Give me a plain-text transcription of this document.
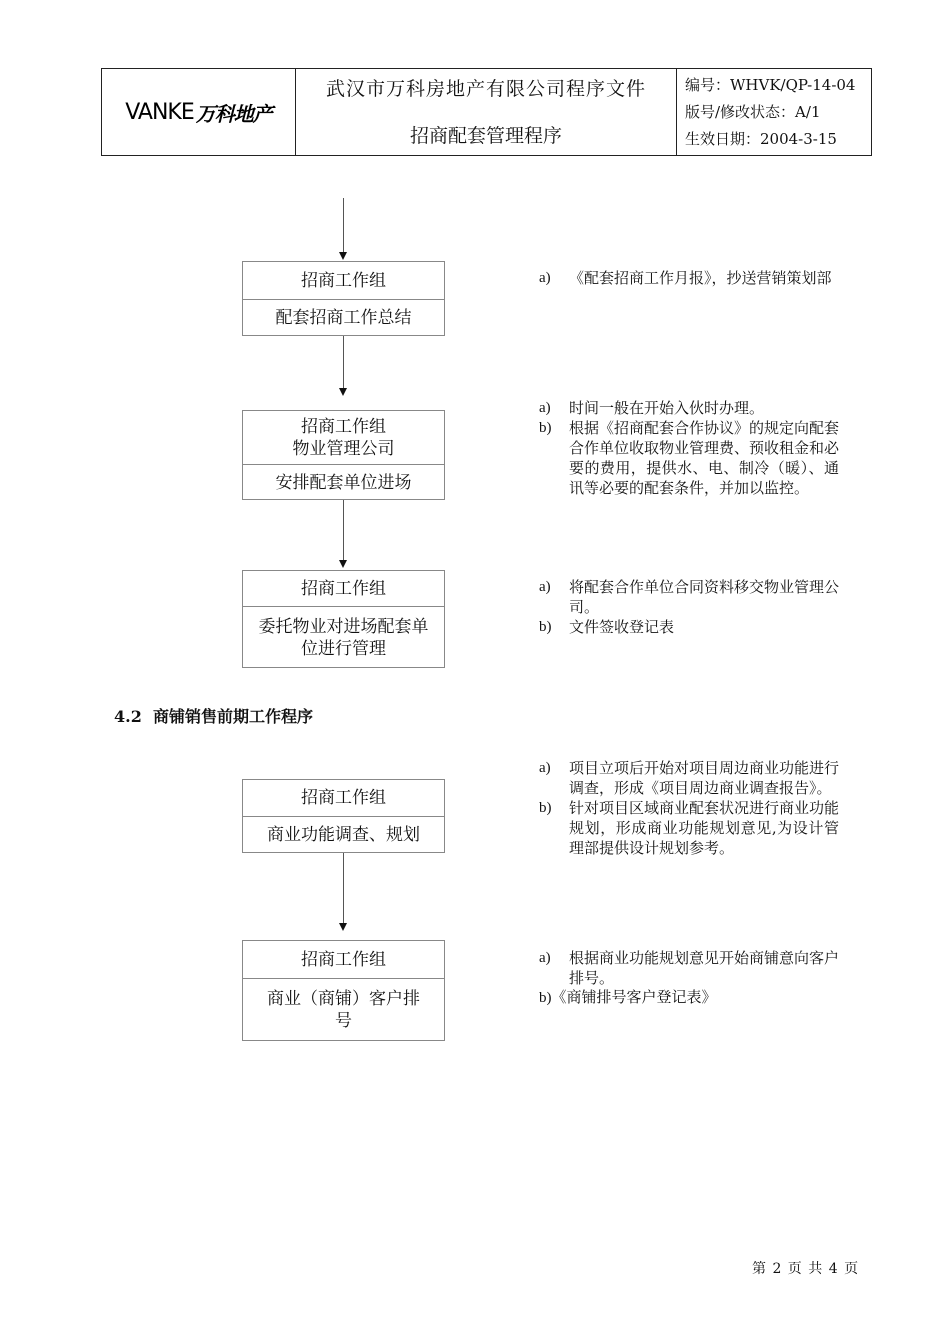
VANKE 万科地产
武汉市万科房地产有限公司程序文件
招商配套管理程序
编号：WHVK/QP-14-04
版号/修改状态：A/1
生效日期：2004-3-15
招商工作组
配套招商工作总结
a)	《配套招商工作月报》，抄送营销策划部
招商工作组
物业管理公司
安排配套单位进场
a)	时间一般在开始入伙时办理。
b)	根据《招商配套合作协议》的规定向配套合作单位收取物业管理费、预收租金和必要的费用，提供水、电、制冷（暖）、通讯等必要的配套条件，并加以监控。
招商工作组
委托物业对进场配套单位进行管理
a)	将配套合作单位合同资料移交物业管理公司。
b)	文件签收登记表
4.2 商铺销售前期工作程序
招商工作组
商业功能调查、规划
a)	项目立项后开始对项目周边商业功能进行调查，形成《项目周边商业调查报告》。
b)	针对项目区域商业配套状况进行商业功能规划，形成商业功能规划意见,为设计管理部提供设计规划参考。
招商工作组
商业（商铺）客户排号
a)	根据商业功能规划意见开始商铺意向客户排号。
b)《商铺排号客户登记表》
第 2 页 共 4 页
